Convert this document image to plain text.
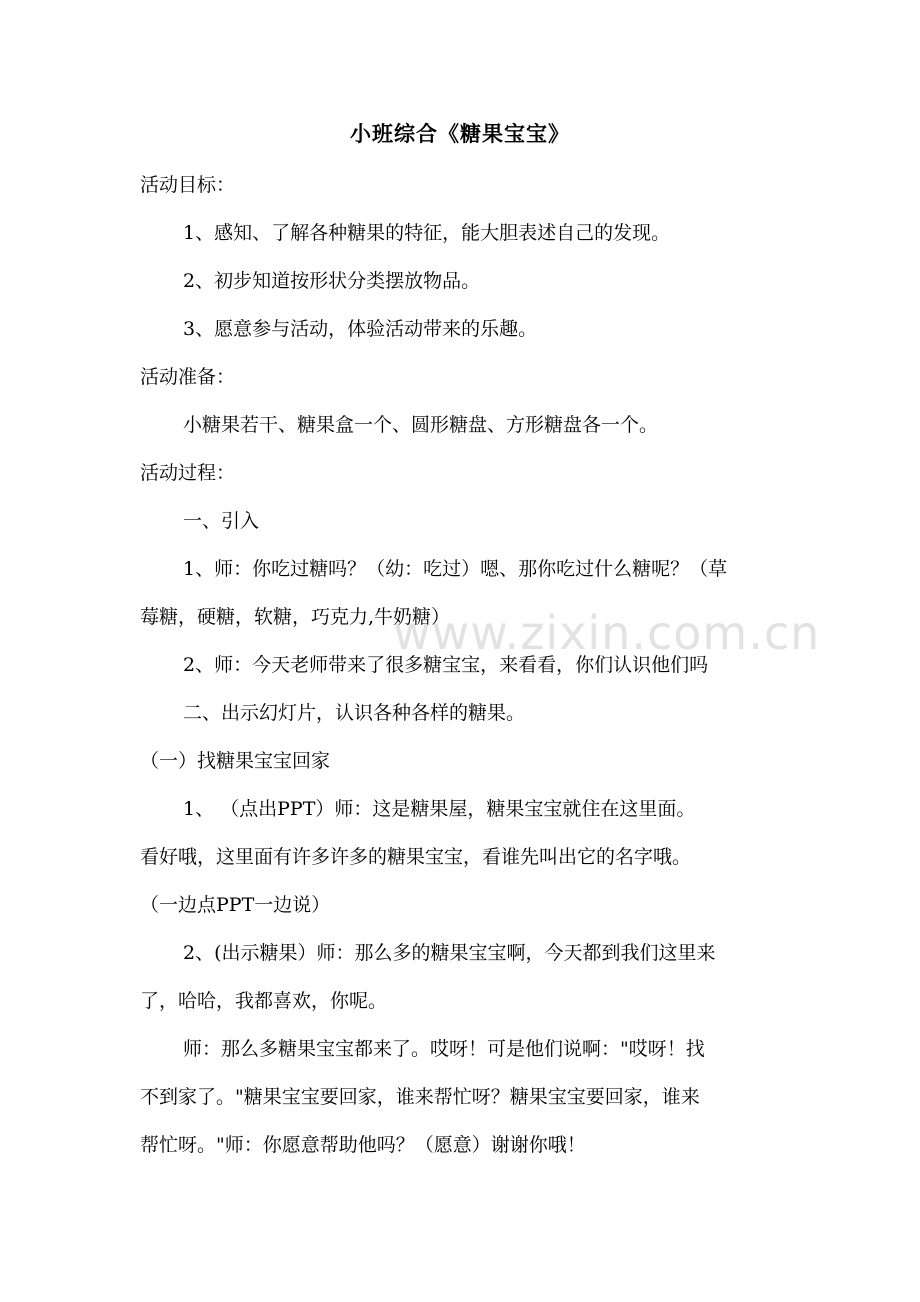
小班综合《糖果宝宝》
活动目标：
1、感知、了解各种糖果的特征，能大胆表述自己的发现。
2、初步知道按形状分类摆放物品。
3、愿意参与活动，体验活动带来的乐趣。
活动准备：
小糖果若干、糖果盒一个、圆形糖盘、方形糖盘各一个。
活动过程：
一、引入
1、师：你吃过糖吗？（幼：吃过）嗯、那你吃过什么糖呢？（草
莓糖，硬糖，软糖，巧克力,牛奶糖）
2、师：今天老师带来了很多糖宝宝，来看看，你们认识他们吗
二、出示幻灯片，认识各种各样的糖果。
（一）找糖果宝宝回家
1、 （点出PPT）师：这是糖果屋，糖果宝宝就住在这里面。
看好哦，这里面有许多许多的糖果宝宝，看谁先叫出它的名字哦。
（一边点PPT一边说）
2、(出示糖果）师：那么多的糖果宝宝啊，今天都到我们这里来
了，哈哈，我都喜欢，你呢。
师：那么多糖果宝宝都来了。哎呀！可是他们说啊："哎呀！找
不到家了。"糖果宝宝要回家，谁来帮忙呀？糖果宝宝要回家，谁来
帮忙呀。"师：你愿意帮助他吗？（愿意）谢谢你哦！
www.zixin.com.cn
